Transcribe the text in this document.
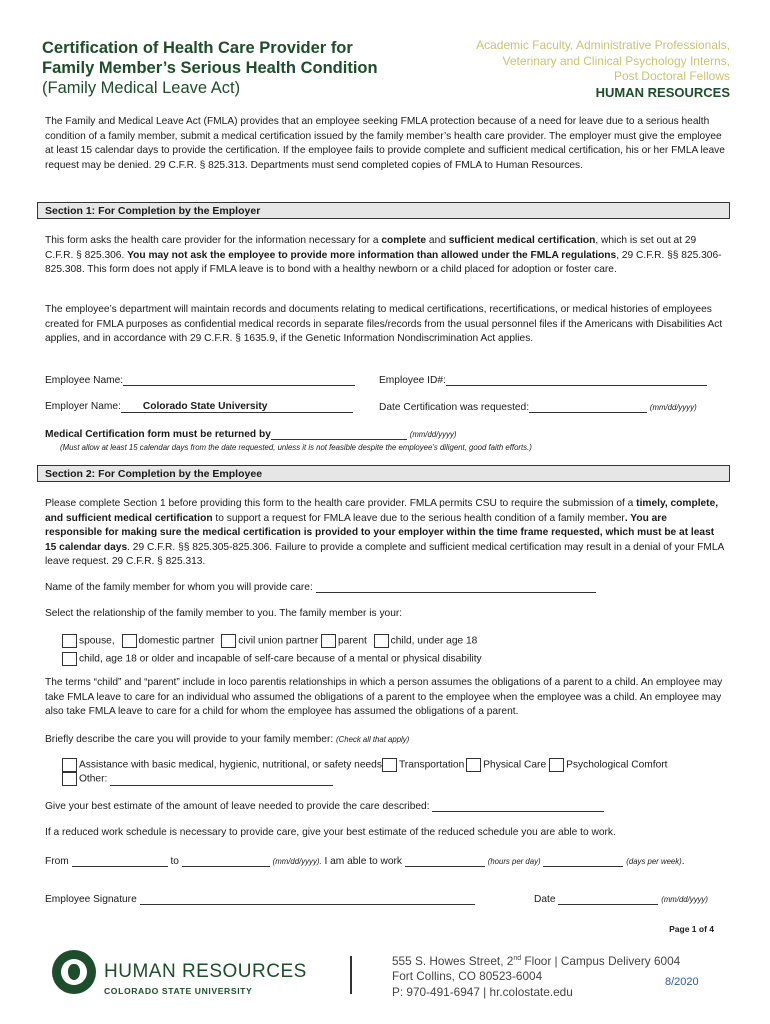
Certification of Health Care Provider for
Family Member’s Serious Health Condition
(Family Medical Leave Act)
Academic Faculty, Administrative Professionals,
Veterinary and Clinical Psychology Interns,
Post Doctoral Fellows
HUMAN RESOURCES
The Family and Medical Leave Act (FMLA) provides that an employee seeking FMLA protection because of a need for leave due to a serious health condition of a family member, submit a medical certification issued by the family member’s health care provider. The employer must give the employee at least 15 calendar days to provide the certification. If the employee fails to provide complete and sufficient medical certification, his or her FMLA leave request may be denied. 29 C.F.R. § 825.313. Departments must send completed copies of FMLA to Human Resources.
Section 1: For Completion by the Employer
This form asks the health care provider for the information necessary for a complete and sufficient medical certification, which is set out at 29 C.F.R. § 825.306. You may not ask the employee to provide more information than allowed under the FMLA regulations, 29 C.F.R. §§ 825.306-825.308. This form does not apply if FMLA leave is to bond with a healthy newborn or a child placed for adoption or foster care.
The employee’s department will maintain records and documents relating to medical certifications, recertifications, or medical histories of employees created for FMLA purposes as confidential medical records in separate files/records from the usual personnel files if the Americans with Disabilities Act applies, and in accordance with 29 C.F.R. § 1635.9, if the Genetic Information Nondiscrimination Act applies.
Employee Name:	Employee ID#:
Employer Name: Colorado State University	Date Certification was requested:	(mm/dd/yyyy)
Medical Certification form must be returned by	(mm/dd/yyyy)
(Must allow at least 15 calendar days from the date requested, unless it is not feasible despite the employee’s diligent, good faith efforts.)
Section 2: For Completion by the Employee
Please complete Section 1 before providing this form to the health care provider. FMLA permits CSU to require the submission of a timely, complete, and sufficient medical certification to support a request for FMLA leave due to the serious health condition of a family member. You are responsible for making sure the medical certification is provided to your employer within the time frame requested, which must be at least 15 calendar days. 29 C.F.R. §§ 825.305-825.306. Failure to provide a complete and sufficient medical certification may result in a denial of your FMLA leave request. 29 C.F.R. § 825.313.
Name of the family member for whom you will provide care:
Select the relationship of the family member to you. The family member is your:
spouse, domestic partner civil union partner parent child, under age 18
child, age 18 or older and incapable of self-care because of a mental or physical disability
The terms “child” and “parent” include in loco parentis relationships in which a person assumes the obligations of a parent to a child. An employee may take FMLA leave to care for an individual who assumed the obligations of a parent to the employee when the employee was a child. An employee may also take FMLA leave to care for a child for whom the employee has assumed the obligations of a parent.
Briefly describe the care you will provide to your family member: (Check all that apply)
Assistance with basic medical, hygienic, nutritional, or safety needs Transportation Physical Care Psychological Comfort
Other:
Give your best estimate of the amount of leave needed to provide the care described:
If a reduced work schedule is necessary to provide care, give your best estimate of the reduced schedule you are able to work.
From	to	(mm/dd/yyyy). I am able to work	(hours per day)	(days per week).
Employee Signature	Date	(mm/dd/yyyy)
Page 1 of 4
HUMAN RESOURCES
COLORADO STATE UNIVERSITY
555 S. Howes Street, 2nd Floor | Campus Delivery 6004
Fort Collins, CO 80523-6004
P: 970-491-6947 | hr.colostate.edu
8/2020
